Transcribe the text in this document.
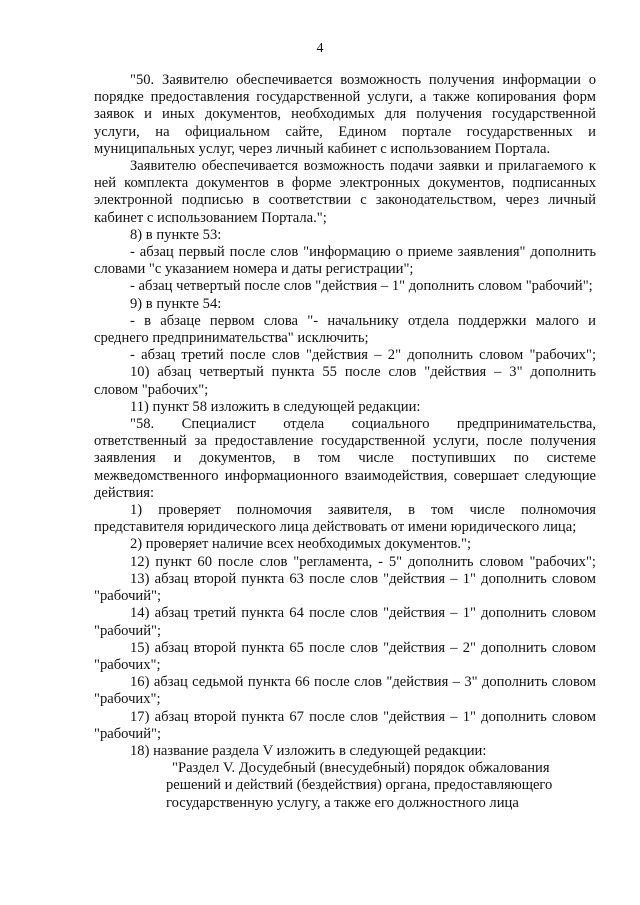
4

"50. Заявителю обеспечивается возможность получения информации о порядке предоставления государственной услуги, а также копирования форм заявок и иных документов, необходимых для получения государственной услуги, на официальном сайте, Едином портале государственных и муниципальных услуг, через личный кабинет с использованием Портала.

Заявителю обеспечивается возможность подачи заявки и прилагаемого к ней комплекта документов в форме электронных документов, подписанных электронной подписью в соответствии с законодательством, через личный кабинет с использованием Портала.";

8) в пункте 53:

- абзац первый после слов "информацию о приеме заявления" дополнить словами "с указанием номера и даты регистрации";

- абзац четвертый после слов "действия – 1" дополнить словом "рабочий";

9) в пункте 54:

- в абзаце первом слова "- начальнику отдела поддержки малого и среднего предпринимательства" исключить;

- абзац третий после слов "действия – 2" дополнить словом "рабочих";

10) абзац четвертый пункта 55 после слов "действия – 3" дополнить словом "рабочих";

11) пункт 58 изложить в следующей редакции:

"58. Специалист отдела социального предпринимательства, ответственный за предоставление государственной услуги, после получения заявления и документов, в том числе поступивших по системе межведомственного информационного взаимодействия, совершает следующие действия:

1) проверяет полномочия заявителя, в том числе полномочия представителя юридического лица действовать от имени юридического лица;

2) проверяет наличие всех необходимых документов.";

12) пункт 60 после слов "регламента, - 5" дополнить словом "рабочих";

13) абзац второй пункта 63 после слов "действия – 1" дополнить словом "рабочий";

14) абзац третий пункта 64 после слов "действия – 1" дополнить словом "рабочий";

15) абзац второй пункта 65 после слов "действия – 2" дополнить словом "рабочих";

16) абзац седьмой пункта 66 после слов "действия – 3" дополнить словом "рабочих";

17) абзац второй пункта 67 после слов "действия – 1" дополнить словом "рабочий";

18) название раздела V изложить в следующей редакции:

"Раздел V. Досудебный (внесудебный) порядок обжалования решений и действий (бездействия) органа, предоставляющего государственную услугу, а также его должностного лица
